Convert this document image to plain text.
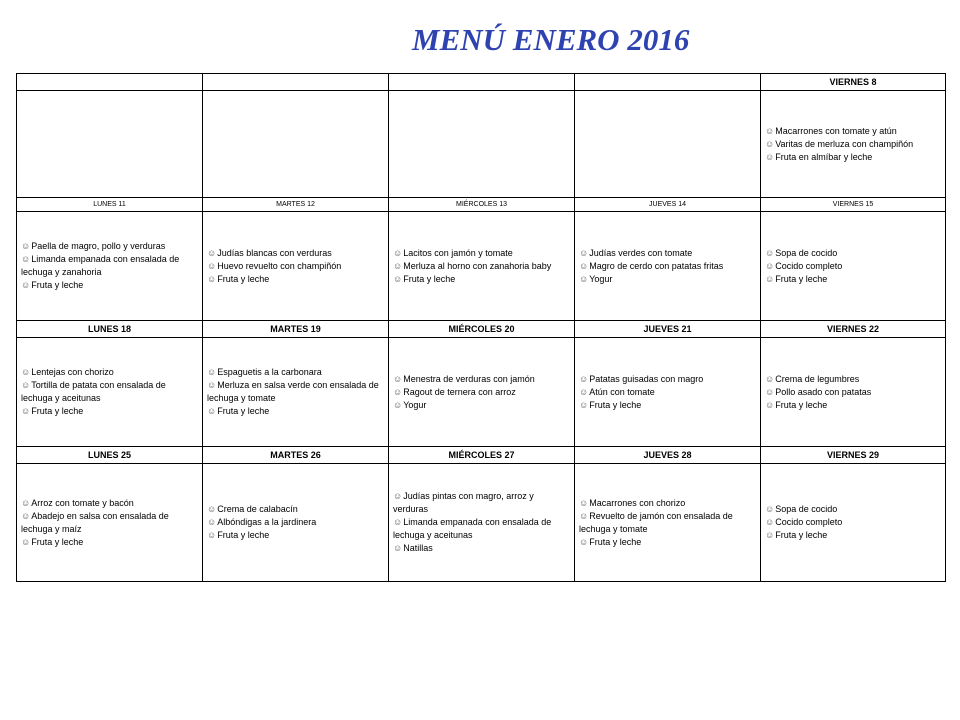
MENÚ ENERO 2016
				VIERNES 8

				☺Macarrones con tomate y atún
☺Varitas de merluza con champiñón
☺Fruta en almíbar y leche

LUNES 11	MARTES 12	MIÉRCOLES 13	JUEVES 14	VIERNES 15

☺Paella de magro, pollo y verduras
☺Limanda empanada con ensalada de lechuga y zanahoria
☺Fruta y leche	☺Judías blancas con verduras
☺Huevo revuelto con champiñón
☺Fruta y leche	☺Lacitos con jamón y tomate
☺Merluza al horno con zanahoria baby
☺Fruta y leche	☺Judías verdes con tomate
☺Magro de cerdo con patatas fritas
☺Yogur	☺Sopa de cocido
☺Cocido completo
☺Fruta y leche

LUNES 18	MARTES 19	MIÉRCOLES 20	JUEVES 21	VIERNES 22

☺Lentejas con chorizo
☺Tortilla de patata con ensalada de lechuga y aceitunas
☺Fruta y leche	☺Espaguetis a la carbonara
☺Merluza en salsa verde con ensalada de lechuga y tomate
☺Fruta y leche	☺Menestra de verduras con jamón
☺Ragout de ternera con arroz
☺Yogur	☺Patatas guisadas con magro
☺Atún con tomate
☺Fruta y leche	☺Crema de legumbres
☺Pollo asado con patatas
☺Fruta y leche

LUNES 25	MARTES 26	MIÉRCOLES 27	JUEVES 28	VIERNES 29

☺Arroz con tomate y bacón
☺Abadejo en salsa con ensalada de lechuga y maíz
☺Fruta y leche	☺Crema de calabacín
☺Albóndigas a la jardinera
☺Fruta y leche	☺Judías pintas con magro, arroz y verduras
☺Limanda empanada con ensalada de lechuga y aceitunas
☺Natillas	☺Macarrones con chorizo
☺Revuelto de jamón con ensalada de lechuga y tomate
☺Fruta y leche	☺Sopa de cocido
☺Cocido completo
☺Fruta y leche
